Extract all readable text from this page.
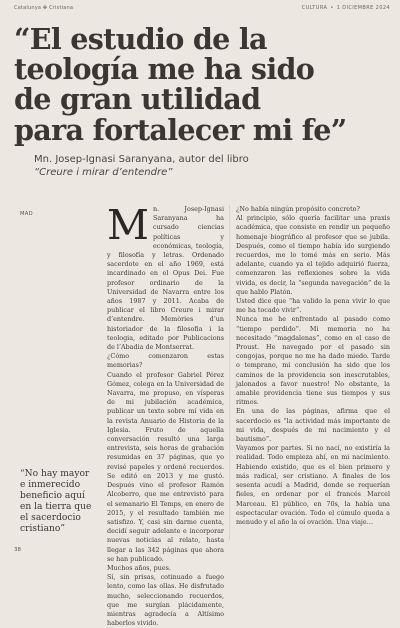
Catalunya ✤ Cristiana	CULTURA • 1 DICIEMBRE 2024
“El estudio de la
teología me ha sido
de gran utilidad
para fortalecer mi fe”
Mn. Josep-Ignasi Saranyana, autor del libro
“Creure i mirar d’entendre”
MAD Mn. Josep-Ignasi Saranyana ha cursado ciencias políticas y económicas, teología, y filosofía y letras. Ordenado sacerdote en el año 1969, está incardinado en el Opus Dei. Fue profesor ordinario de la Universidad de Navarra entre los años 1987 y 2011. Acaba de publicar el libro Creure i mirar d’entendre. Memòries d’un historiador de la filosofia i la teologia, editado por Publicacions de l’Abadia de Montserrat.

¿Cómo comenzaron estas memorias?

Cuando el profesor Gabriel Pérez Gómez, colega en la Universidad de Navarra, me propuso, en vísperas de mi jubilación académica, publicar un texto sobre mí vida en la revista Anuario de Historia de la Iglesia. Fruto de aquella conversación resultó una larga entrevista, seis horas de grabación resumidas en 37 páginas, que yo revisé papeles y ordené recuerdos. Se editó en 2013 y me gustó. Después vino el profesor Ramón Alcoberro, que me entrevistó para el semanario El Temps, en enero de 2015, y el resultado también me satisfizo. Y, casi sin darme cuenta, decidí seguir adelante e incorporar nuevas noticias al relato, hasta llegar a las 342 páginas que ahora se han publicado.

Muchos años, pues.

Sí, sin prisas, cotinuado a fuego lento, como las ollas. He disfrutado mucho, seleccionando recuerdos, que me surgían plácidamente, mientras agradecía a Altísimo haberlos vivido.

¿No había ningún propósito concreto?

Al principio, sólo quería facilitar una praxis académica, que consiste en rendir un pequeño homenaje biográfico al profesor que se jubila. Después, como el tiempo había ido surgiendo recuerdos, me lo tomé más en serio. Más adelante, cuando ya el tejido adquirió fuerza, comenzaron las reflexiones sobre la vida vivida, es decir, la “segunda navegación” de la que hablo Platón.

Usted dice que “ha valido la pena vivir lo que me ha tocado vivir”.

Nunca me he enfrentado al pasado como “tiempo perdido”. Mi memoria no ha necesitado “magdalenas”, como en el caso de Proust. He navegado por el pasado sin congojas, porque no me ha dado miedo. Tarde o temprano, mi conclusión ha sido que los caminos de la providencia son inescrutables, jalonados a favor nuestro! No obstante, la amable providencia tiene sus tiempos y sus ritmos.

En una de las páginas, afirma que el sacerdocio es “la actividad más importante de mi vida, después de mi nacimiento y el bautismo”.

Vayamos por partes. Si no nací, no existiría la realidad. Todo empieza ahí, en mi nacimiento. Habiendo existido, que es el bien primero y más radical, ser cristiano. A finales de los sesenta acudí a Madrid, donde se requerían fieles, en ordenar por el francés Marcel Marceau. El público, en 70s, la había una espectacular ovación. Todo el cúmulo queda a menudo y el año la oí ovación. Una viaje…

“No hay mayor
e inmerecido
beneficio aquí
en la tierra que
el sacerdocio
cristiano”
38
